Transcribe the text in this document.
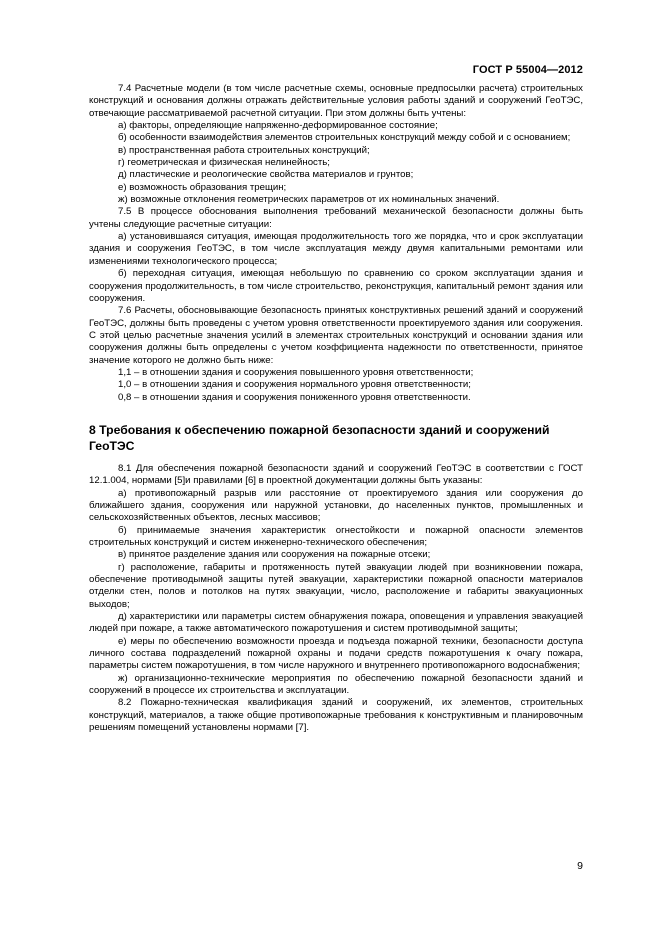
ГОСТ Р 55004—2012

7.4 Расчетные модели (в том числе расчетные схемы, основные предпосылки расчета) строительных конструкций и основания должны отражать действительные условия работы зданий и сооружений ГеоТЭС, отвечающие рассматриваемой расчетной ситуации. При этом должны быть учтены:

а) факторы, определяющие напряженно-деформированное состояние;

б) особенности взаимодействия элементов строительных конструкций между собой и с основанием;

в) пространственная работа строительных конструкций;

г) геометрическая и физическая нелинейность;

д) пластические и реологические свойства материалов и грунтов;

е) возможность образования трещин;

ж) возможные отклонения геометрических параметров от их номинальных значений.

7.5 В процессе обоснования выполнения требований механической безопасности должны быть учтены следующие расчетные ситуации:

а) установившаяся ситуация, имеющая продолжительность того же порядка, что и срок эксплуатации здания и сооружения ГеоТЭС, в том числе эксплуатация между двумя капитальными ремонтами или изменениями технологического процесса;

б) переходная ситуация, имеющая небольшую по сравнению со сроком эксплуатации здания и сооружения продолжительность, в том числе строительство, реконструкция, капитальный ремонт здания или сооружения.

7.6 Расчеты, обосновывающие безопасность принятых конструктивных решений зданий и сооружений ГеоТЭС, должны быть проведены с учетом уровня ответственности проектируемого здания или сооружения. С этой целью расчетные значения усилий в элементах строительных конструкций и основании здания или сооружения должны быть определены с учетом коэффициента надежности по ответственности, принятое значение которого не должно быть ниже:

1,1 – в отношении здания и сооружения повышенного уровня ответственности;

1,0 – в отношении здания и сооружения нормального уровня ответственности;

0,8 – в отношении здания и сооружения пониженного уровня ответственности.

8 Требования к обеспечению пожарной безопасности зданий и сооружений ГеоТЭС

8.1 Для обеспечения пожарной безопасности зданий и сооружений ГеоТЭС в соответствии с ГОСТ 12.1.004, нормами [5]и правилами [6] в проектной документации должны быть указаны:

а) противопожарный разрыв или расстояние от проектируемого здания или сооружения до ближайшего здания, сооружения или наружной установки, до населенных пунктов, промышленных и сельскохозяйственных объектов, лесных массивов;

б) принимаемые значения характеристик огнестойкости и пожарной опасности элементов строительных конструкций и систем инженерно-технического обеспечения;

в) принятое разделение здания или сооружения на пожарные отсеки;

г) расположение, габариты и протяженность путей эвакуации людей при возникновении пожара, обеспечение противодымной защиты путей эвакуации, характеристики пожарной опасности материалов отделки стен, полов и потолков на путях эвакуации, число, расположение и габариты эвакуационных выходов;

д) характеристики или параметры систем обнаружения пожара, оповещения и управления эвакуацией людей при пожаре, а также автоматического пожаротушения и систем противодымной защиты;

е) меры по обеспечению возможности проезда и подъезда пожарной техники, безопасности доступа личного состава подразделений пожарной охраны и подачи средств пожаротушения к очагу пожара, параметры систем пожаротушения, в том числе наружного и внутреннего противопожарного водоснабжения;

ж) организационно-технические мероприятия по обеспечению пожарной безопасности зданий и сооружений в процессе их строительства и эксплуатации.

8.2 Пожарно-техническая квалификация зданий и сооружений, их элементов, строительных конструкций, материалов, а также общие противопожарные требования к конструктивным и планировочным решениям помещений установлены нормами [7].

9
